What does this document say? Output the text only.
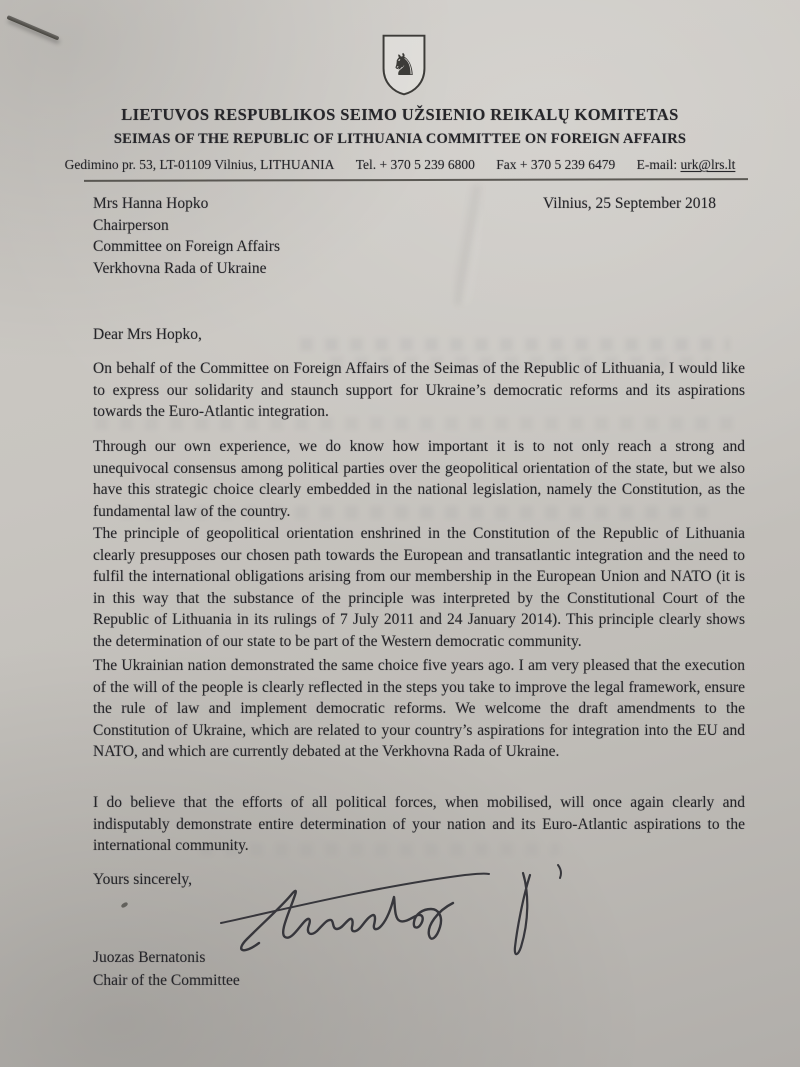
♞
LIETUVOS RESPUBLIKOS SEIMO UŽSIENIO REIKALŲ KOMITETAS
SEIMAS OF THE REPUBLIC OF LITHUANIA COMMITTEE ON FOREIGN AFFAIRS
Gedimino pr. 53, LT-01109 Vilnius, LITHUANIA Tel. + 370 5 239 6800 Fax + 370 5 239 6479 E-mail: urk@lrs.lt
Mrs Hanna Hopko
Chairperson
Committee on Foreign Affairs
Verkhovna Rada of Ukraine
Vilnius, 25 September 2018
Dear Mrs Hopko,

On behalf of the Committee on Foreign Affairs of the Seimas of the Republic of Lithuania, I would like to express our solidarity and staunch support for Ukraine’s democratic reforms and its aspirations towards the Euro-Atlantic integration.

Through our own experience, we do know how important it is to not only reach a strong and unequivocal consensus among political parties over the geopolitical orientation of the state, but we also have this strategic choice clearly embedded in the national legislation, namely the Constitution, as the fundamental law of the country.

The principle of geopolitical orientation enshrined in the Constitution of the Republic of Lithuania clearly presupposes our chosen path towards the European and transatlantic integration and the need to fulfil the international obligations arising from our membership in the European Union and NATO (it is in this way that the substance of the principle was interpreted by the Constitutional Court of the Republic of Lithuania in its rulings of 7 July 2011 and 24 January 2014). This principle clearly shows the determination of our state to be part of the Western democratic community.

The Ukrainian nation demonstrated the same choice five years ago. I am very pleased that the execution of the will of the people is clearly reflected in the steps you take to improve the legal framework, ensure the rule of law and implement democratic reforms. We welcome the draft amendments to the Constitution of Ukraine, which are related to your country’s aspirations for integration into the EU and NATO, and which are currently debated at the Verkhovna Rada of Ukraine.

I do believe that the efforts of all political forces, when mobilised, will once again clearly and indisputably demonstrate entire determination of your nation and its Euro-Atlantic aspirations to the international community.

Yours sincerely,
Juozas Bernatonis
Chair of the Committee
